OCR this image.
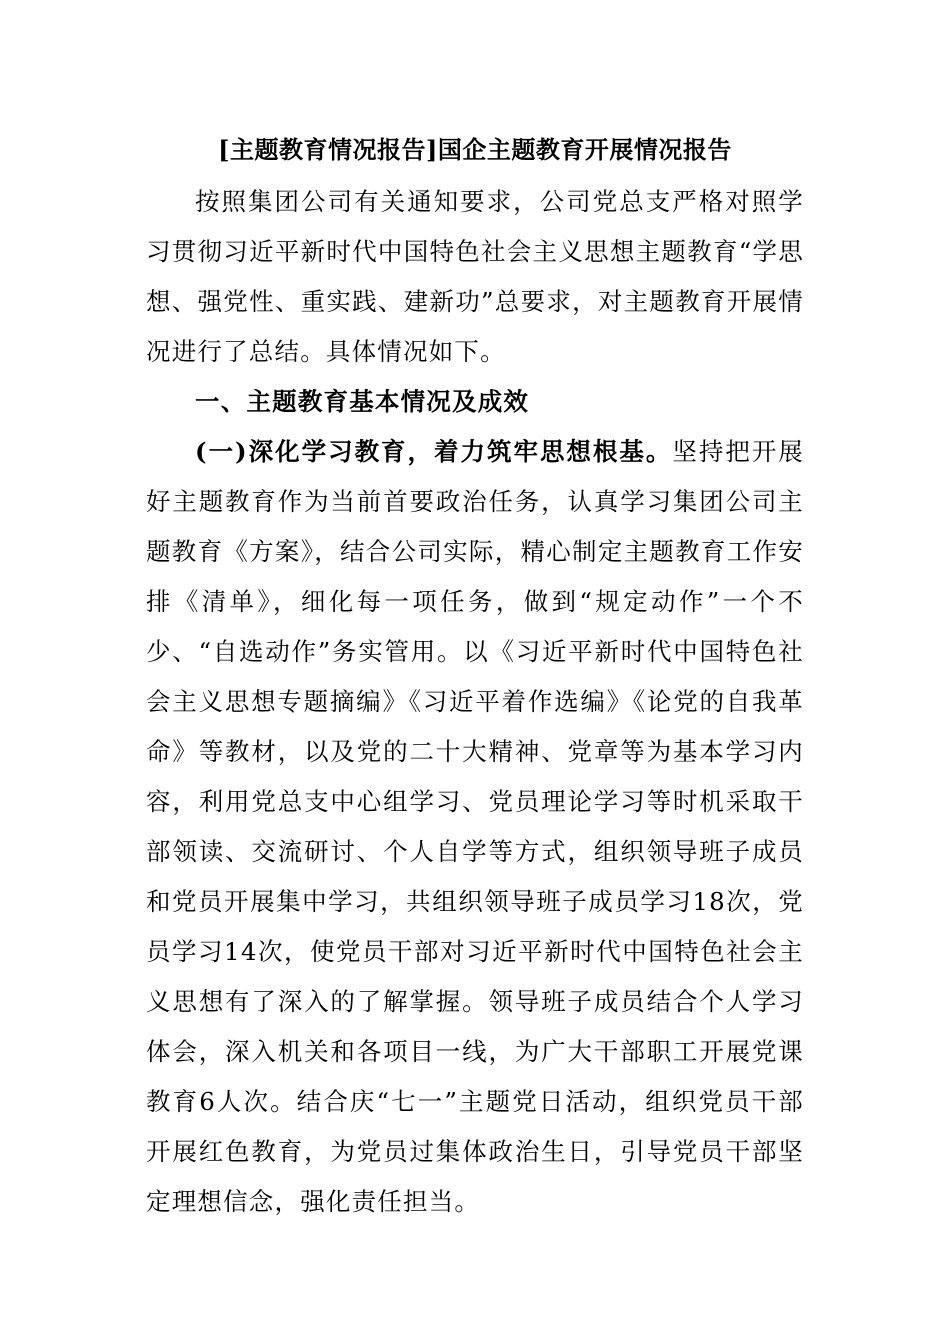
[主题教育情况报告]国企主题教育开展情况报告

按照集团公司有关通知要求，公司党总支严格对照学习贯彻习近平新时代中国特色社会主义思想主题教育“学思想、强党性、重实践、建新功”总要求，对主题教育开展情况进行了总结。具体情况如下。

一、主题教育基本情况及成效

(一)深化学习教育，着力筑牢思想根基。坚持把开展好主题教育作为当前首要政治任务，认真学习集团公司主题教育《方案》，结合公司实际，精心制定主题教育工作安排《清单》，细化每一项任务，做到“规定动作”一个不少、“自选动作”务实管用。以《习近平新时代中国特色社会主义思想专题摘编》《习近平着作选编》《论党的自我革命》等教材，以及党的二十大精神、党章等为基本学习内容，利用党总支中心组学习、党员理论学习等时机采取干部领读、交流研讨、个人自学等方式，组织领导班子成员和党员开展集中学习，共组织领导班子成员学习18次，党员学习14次，使党员干部对习近平新时代中国特色社会主义思想有了深入的了解掌握。领导班子成员结合个人学习体会，深入机关和各项目一线，为广大干部职工开展党课教育6人次。结合庆“七一”主题党日活动，组织党员干部开展红色教育，为党员过集体政治生日，引导党员干部坚定理想信念，强化责任担当。
